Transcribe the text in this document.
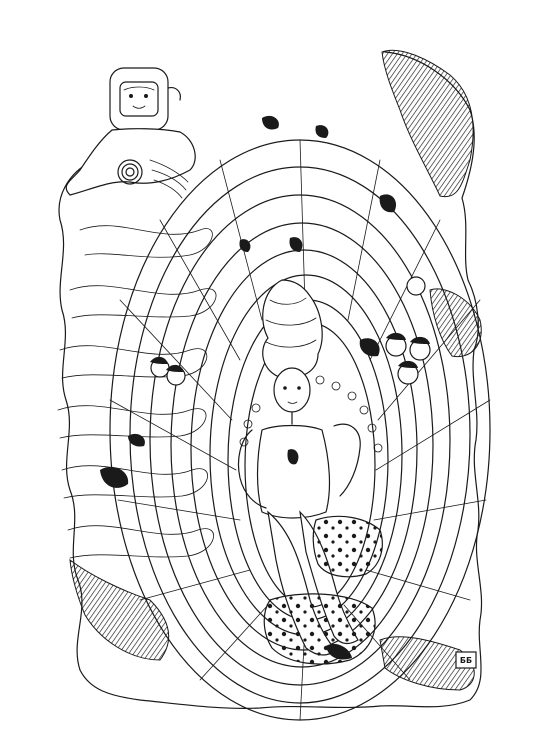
ББ
